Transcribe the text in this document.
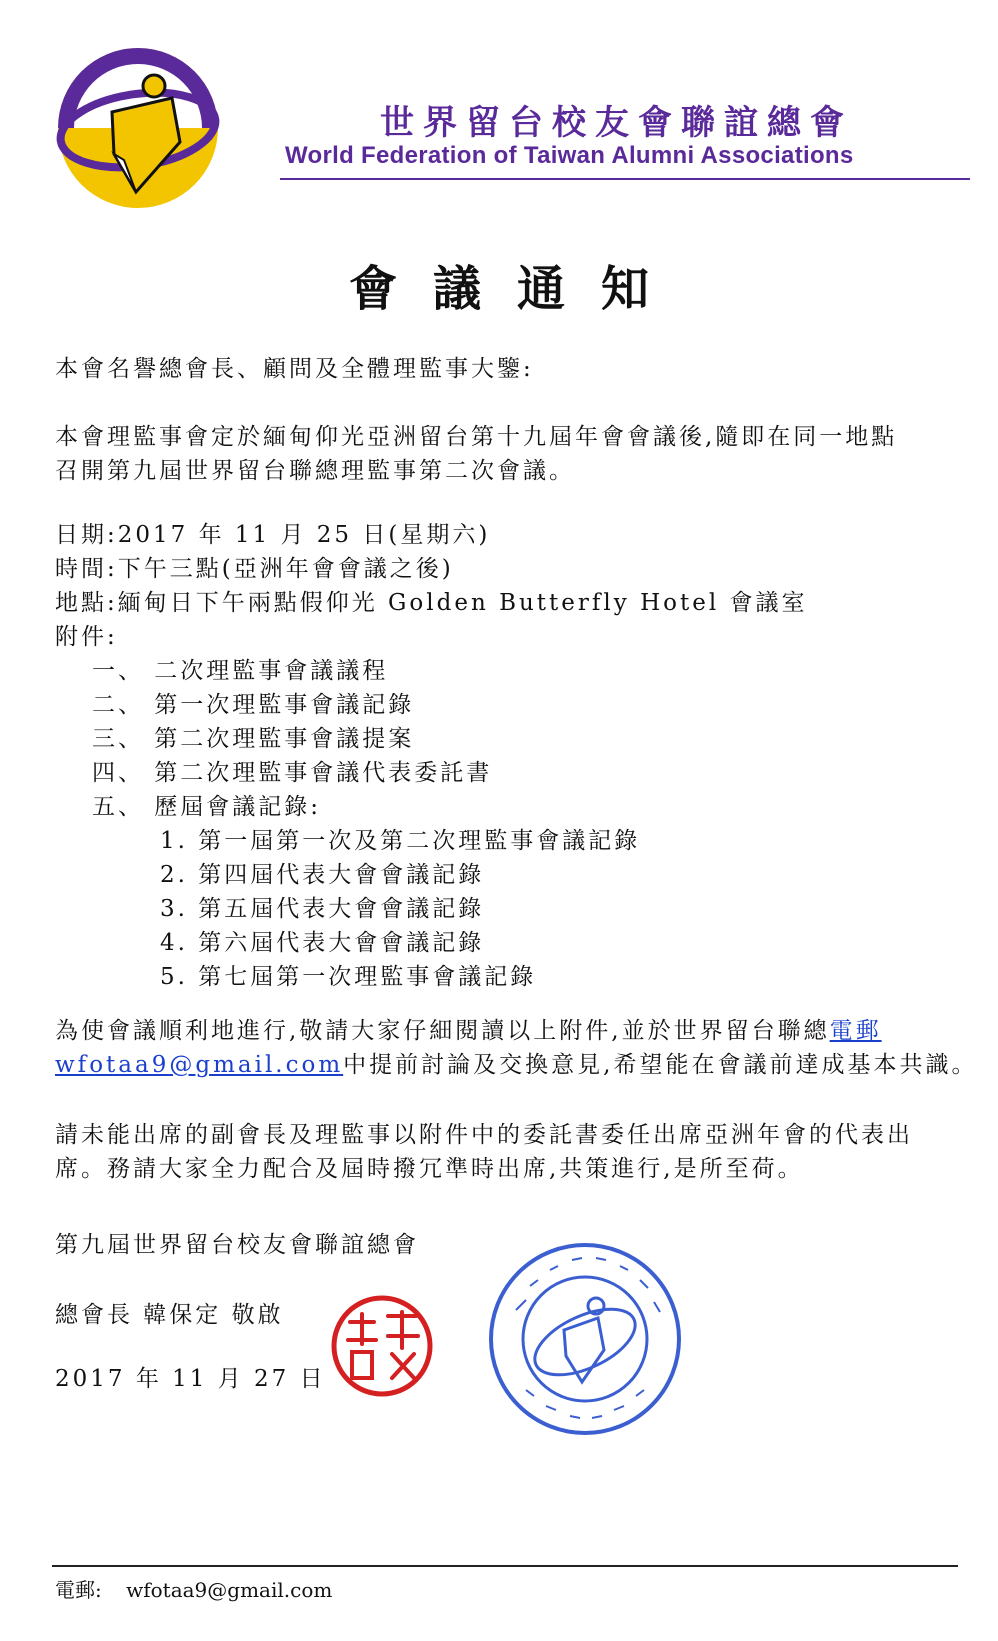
世界留台校友會聯誼總會
World Federation of Taiwan Alumni Associations
會議通知
本會名譽總會長、顧問及全體理監事大鑒:
本會理監事會定於緬甸仰光亞洲留台第十九屆年會會議後,隨即在同一地點
召開第九屆世界留台聯總理監事第二次會議。
日期:2017 年 11 月 25 日(星期六)
時間:下午三點(亞洲年會會議之後)
地點:緬甸日下午兩點假仰光 Golden Butterfly Hotel 會議室
附件:
一、 二次理監事會議議程
二、 第一次理監事會議記錄
三、 第二次理監事會議提案
四、 第二次理監事會議代表委託書
五、 歷屆會議記錄:
1. 第一屆第一次及第二次理監事會議記錄
2. 第四屆代表大會會議記錄
3. 第五屆代表大會會議記錄
4. 第六屆代表大會會議記錄
5. 第七屆第一次理監事會議記錄
為使會議順利地進行,敬請大家仔細閱讀以上附件,並於世界留台聯總電郵
wfotaa9@gmail.com中提前討論及交換意見,希望能在會議前達成基本共識。
請未能出席的副會長及理監事以附件中的委託書委任出席亞洲年會的代表出
席。務請大家全力配合及屆時撥冗準時出席,共策進行,是所至荷。
第九屆世界留台校友會聯誼總會
總會長 韓保定 敬啟
2017 年 11 月 27 日
電郵: wfotaa9@gmail.com
